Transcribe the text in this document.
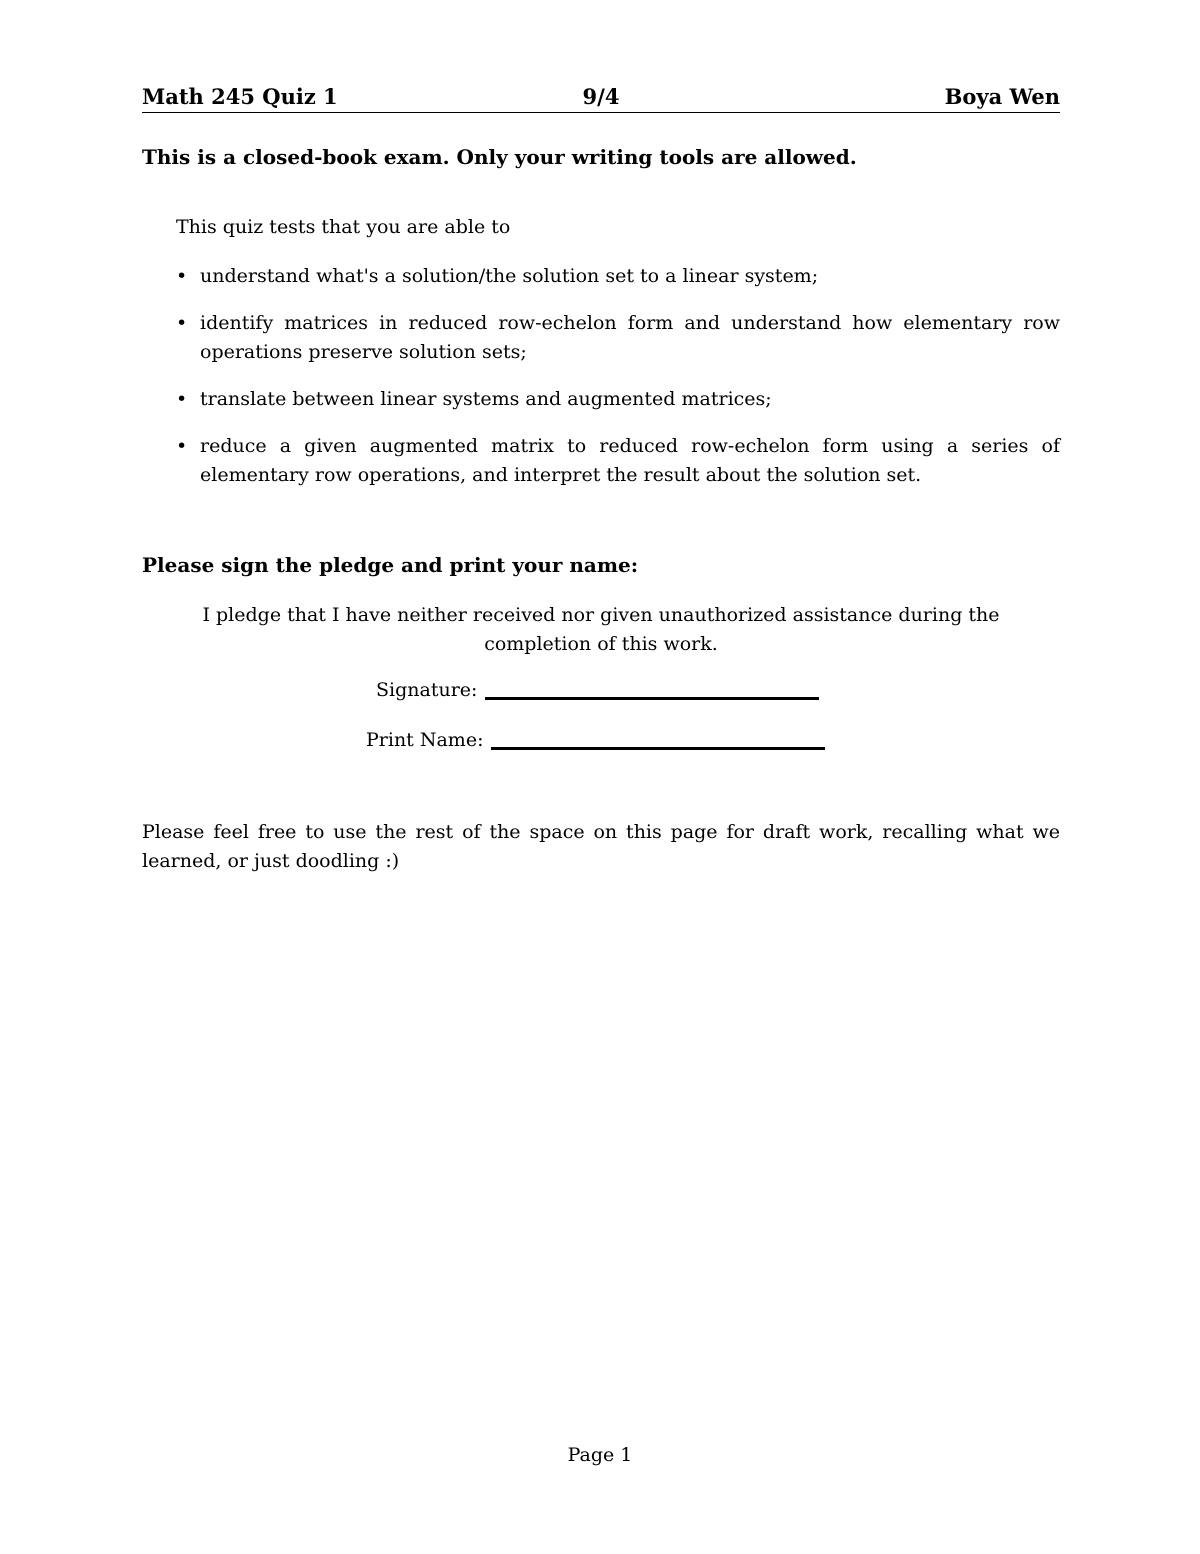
Math 245 Quiz 1	9/4	Boya Wen
This is a closed-book exam. Only your writing tools are allowed.
This quiz tests that you are able to
• understand what's a solution/the solution set to a linear system;
• identify matrices in reduced row-echelon form and understand how elementary row operations preserve solution sets;
• translate between linear systems and augmented matrices;
• reduce a given augmented matrix to reduced row-echelon form using a series of elementary row operations, and interpret the result about the solution set.
Please sign the pledge and print your name:
I pledge that I have neither received nor given unauthorized assistance during the completion of this work.
Signature:
Print Name:
Please feel free to use the rest of the space on this page for draft work, recalling what we learned, or just doodling :)
Page 1
